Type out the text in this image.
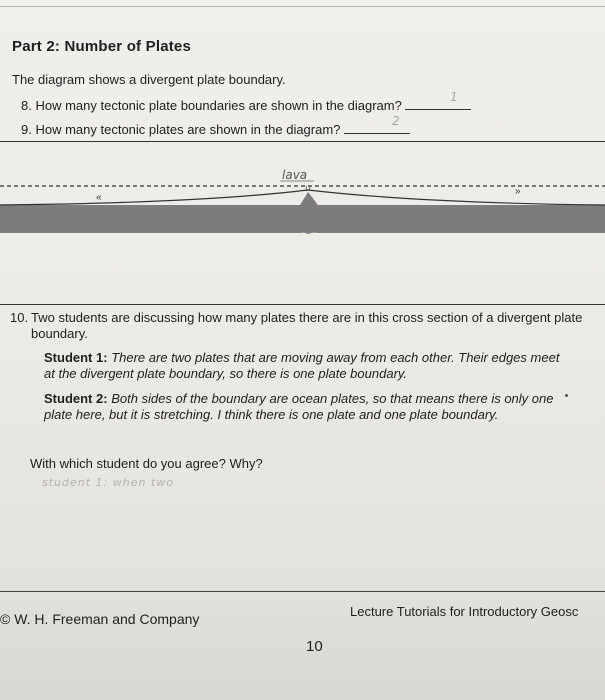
Part 2: Number of Plates
The diagram shows a divergent plate boundary.
8. How many tectonic plate boundaries are shown in the diagram?
1
9. How many tectonic plates are shown in the diagram?
2
lava
«
»
10. Two students are discussing how many plates there are in this cross section of a divergent plate boundary.
Student 1: There are two plates that are moving away from each other. Their edges meet at the divergent plate boundary, so there is one plate boundary.
Student 2: Both sides of the boundary are ocean plates, so that means there is only one plate here, but it is stretching. I think there is one plate and one plate boundary.
With which student do you agree? Why?
student 1: when two
© W. H. Freeman and Company	Lecture Tutorials for Introductory Geosc
10
